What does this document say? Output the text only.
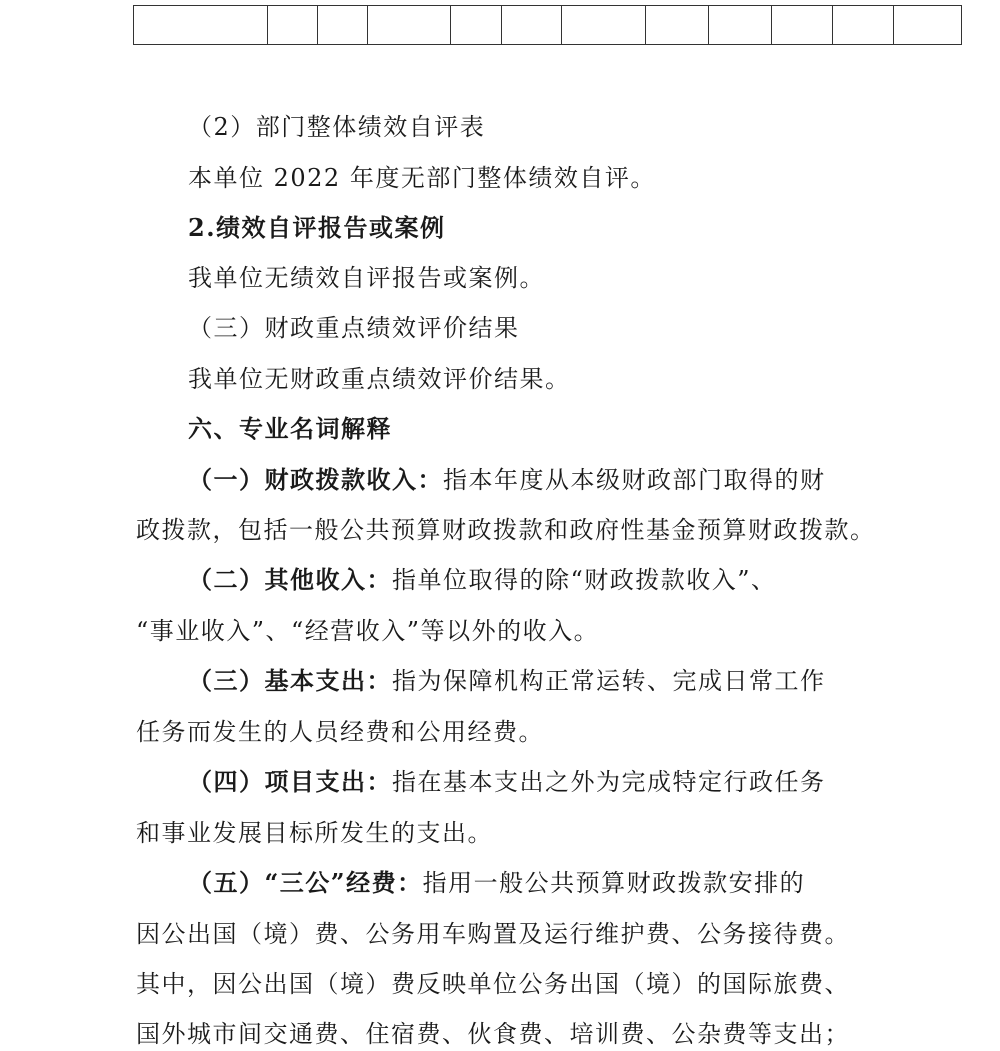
（2）部门整体绩效自评表
本单位 2022 年度无部门整体绩效自评。
2.绩效自评报告或案例
我单位无绩效自评报告或案例。
（三）财政重点绩效评价结果
我单位无财政重点绩效评价结果。
六、专业名词解释
（一）财政拨款收入：指本年度从本级财政部门取得的财
政拨款，包括一般公共预算财政拨款和政府性基金预算财政拨款。
（二）其他收入：指单位取得的除“财政拨款收入”、
“事业收入”、“经营收入”等以外的收入。
（三）基本支出：指为保障机构正常运转、完成日常工作
任务而发生的人员经费和公用经费。
（四）项目支出：指在基本支出之外为完成特定行政任务
和事业发展目标所发生的支出。
（五）“三公”经费：指用一般公共预算财政拨款安排的
因公出国（境）费、公务用车购置及运行维护费、公务接待费。
其中，因公出国（境）费反映单位公务出国（境）的国际旅费、
国外城市间交通费、住宿费、伙食费、培训费、公杂费等支出；
